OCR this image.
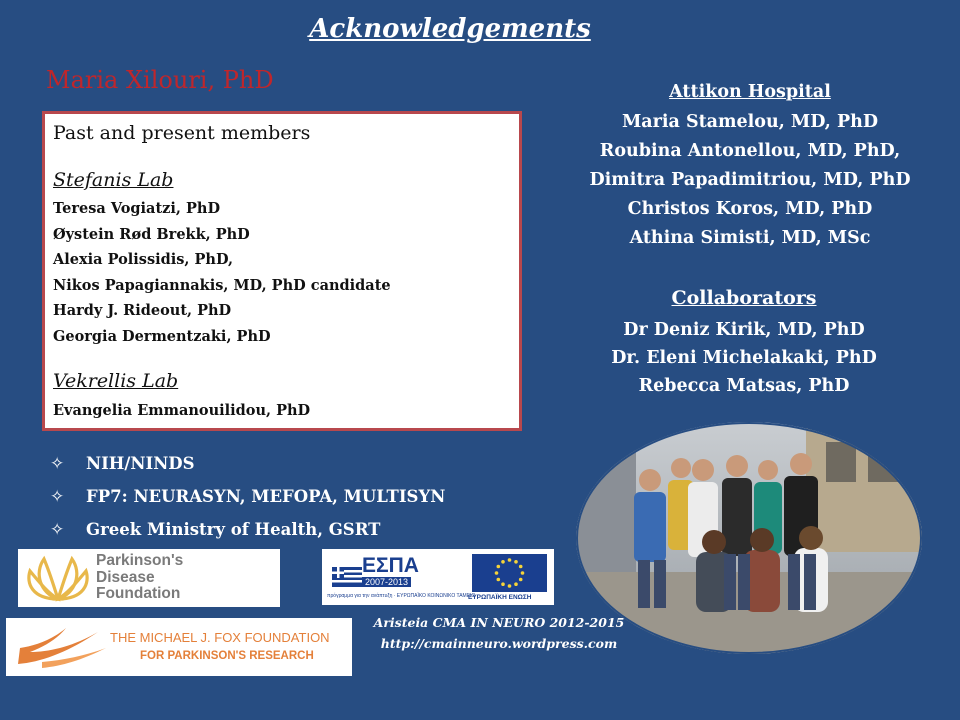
Acknowledgements
Maria Xilouri, PhD
Past and present members
Stefanis Lab
Teresa Vogiatzi, PhD
Øystein Rød Brekk, PhD
Alexia Polissidis, PhD,
Nikos Papagiannakis, MD, PhD candidate
Hardy J. Rideout, PhD
Georgia Dermentzaki, PhD
Vekrellis Lab
Evangelia Emmanouilidou, PhD
Attikon Hospital
Maria Stamelou, MD, PhD
Roubina Antonellou, MD, PhD,
Dimitra Papadimitriou, MD, PhD
Christos Koros, MD, PhD
Athina Simisti, MD, MSc
Collaborators
Dr Deniz Kirik, MD, PhD
Dr. Eleni Michelakaki, PhD
Rebecca Matsas, PhD
✧	NIH/NINDS
✧	FP7: NEURASYN, MEFOPA, MULTISYN
✧	Greek Ministry of Health, GSRT
Parkinson's
Disease
Foundation
ΕΣΠΑ
2007-2013
πρόγραμμα για την ανάπτυξη · ΕΥΡΩΠΑΪΚΟ ΚΟΙΝΩΝΙΚΟ ΤΑΜΕΙΟ
ΕΥΡΩΠΑΪΚΗ ΕΝΩΣΗ
THE MICHAEL J. FOX FOUNDATION
FOR PARKINSON'S RESEARCH
Aristeia CMA IN NEURO 2012-2015
http://cmainneuro.wordpress.com
